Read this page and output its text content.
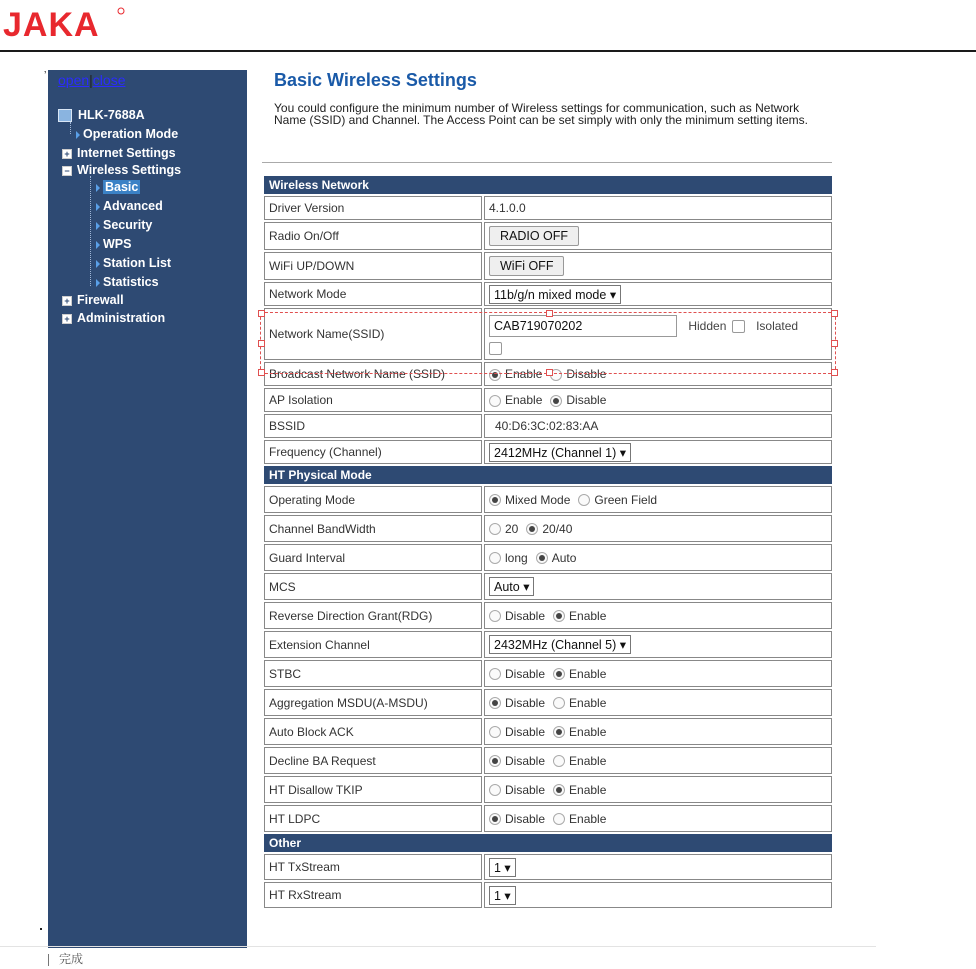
JAKA
ʼ open|close
HLK-7688A
Operation Mode
+ Internet Settings
− Wireless Settings
Basic
Advanced
Security
WPS
Station List
Statistics
+ Firewall
+ Administration
Basic Wireless Settings
You could configure the minimum number of Wireless settings for communication, such as Network Name (SSID) and Channel. The Access Point can be set simply with only the minimum setting items.
Wireless Network	
Driver Version	4.1.0.0
Radio On/Off	RADIO OFF
WiFi UP/DOWN	WiFi OFF
Network Mode	11b/g/n mixed mode ▾
Network Name(SSID)	CAB719070202 Hidden Isolated

Broadcast Network Name (SSID)	Enable Disable
AP Isolation	Enable Disable
BSSID	40:D6:3C:02:83:AA
Frequency (Channel)	2412MHz (Channel 1) ▾
HT Physical Mode	
Operating Mode	Mixed Mode Green Field
Channel BandWidth	20 20/40
Guard Interval	long Auto
MCS	Auto ▾
Reverse Direction Grant(RDG)	Disable Enable
Extension Channel	2432MHz (Channel 5) ▾
STBC	Disable Enable
Aggregation MSDU(A-MSDU)	Disable Enable
Auto Block ACK	Disable Enable
Decline BA Request	Disable Enable
HT Disallow TKIP	Disable Enable
HT LDPC	Disable Enable
Other	
HT TxStream	1 ▾
HT RxStream	1 ▾
完成
